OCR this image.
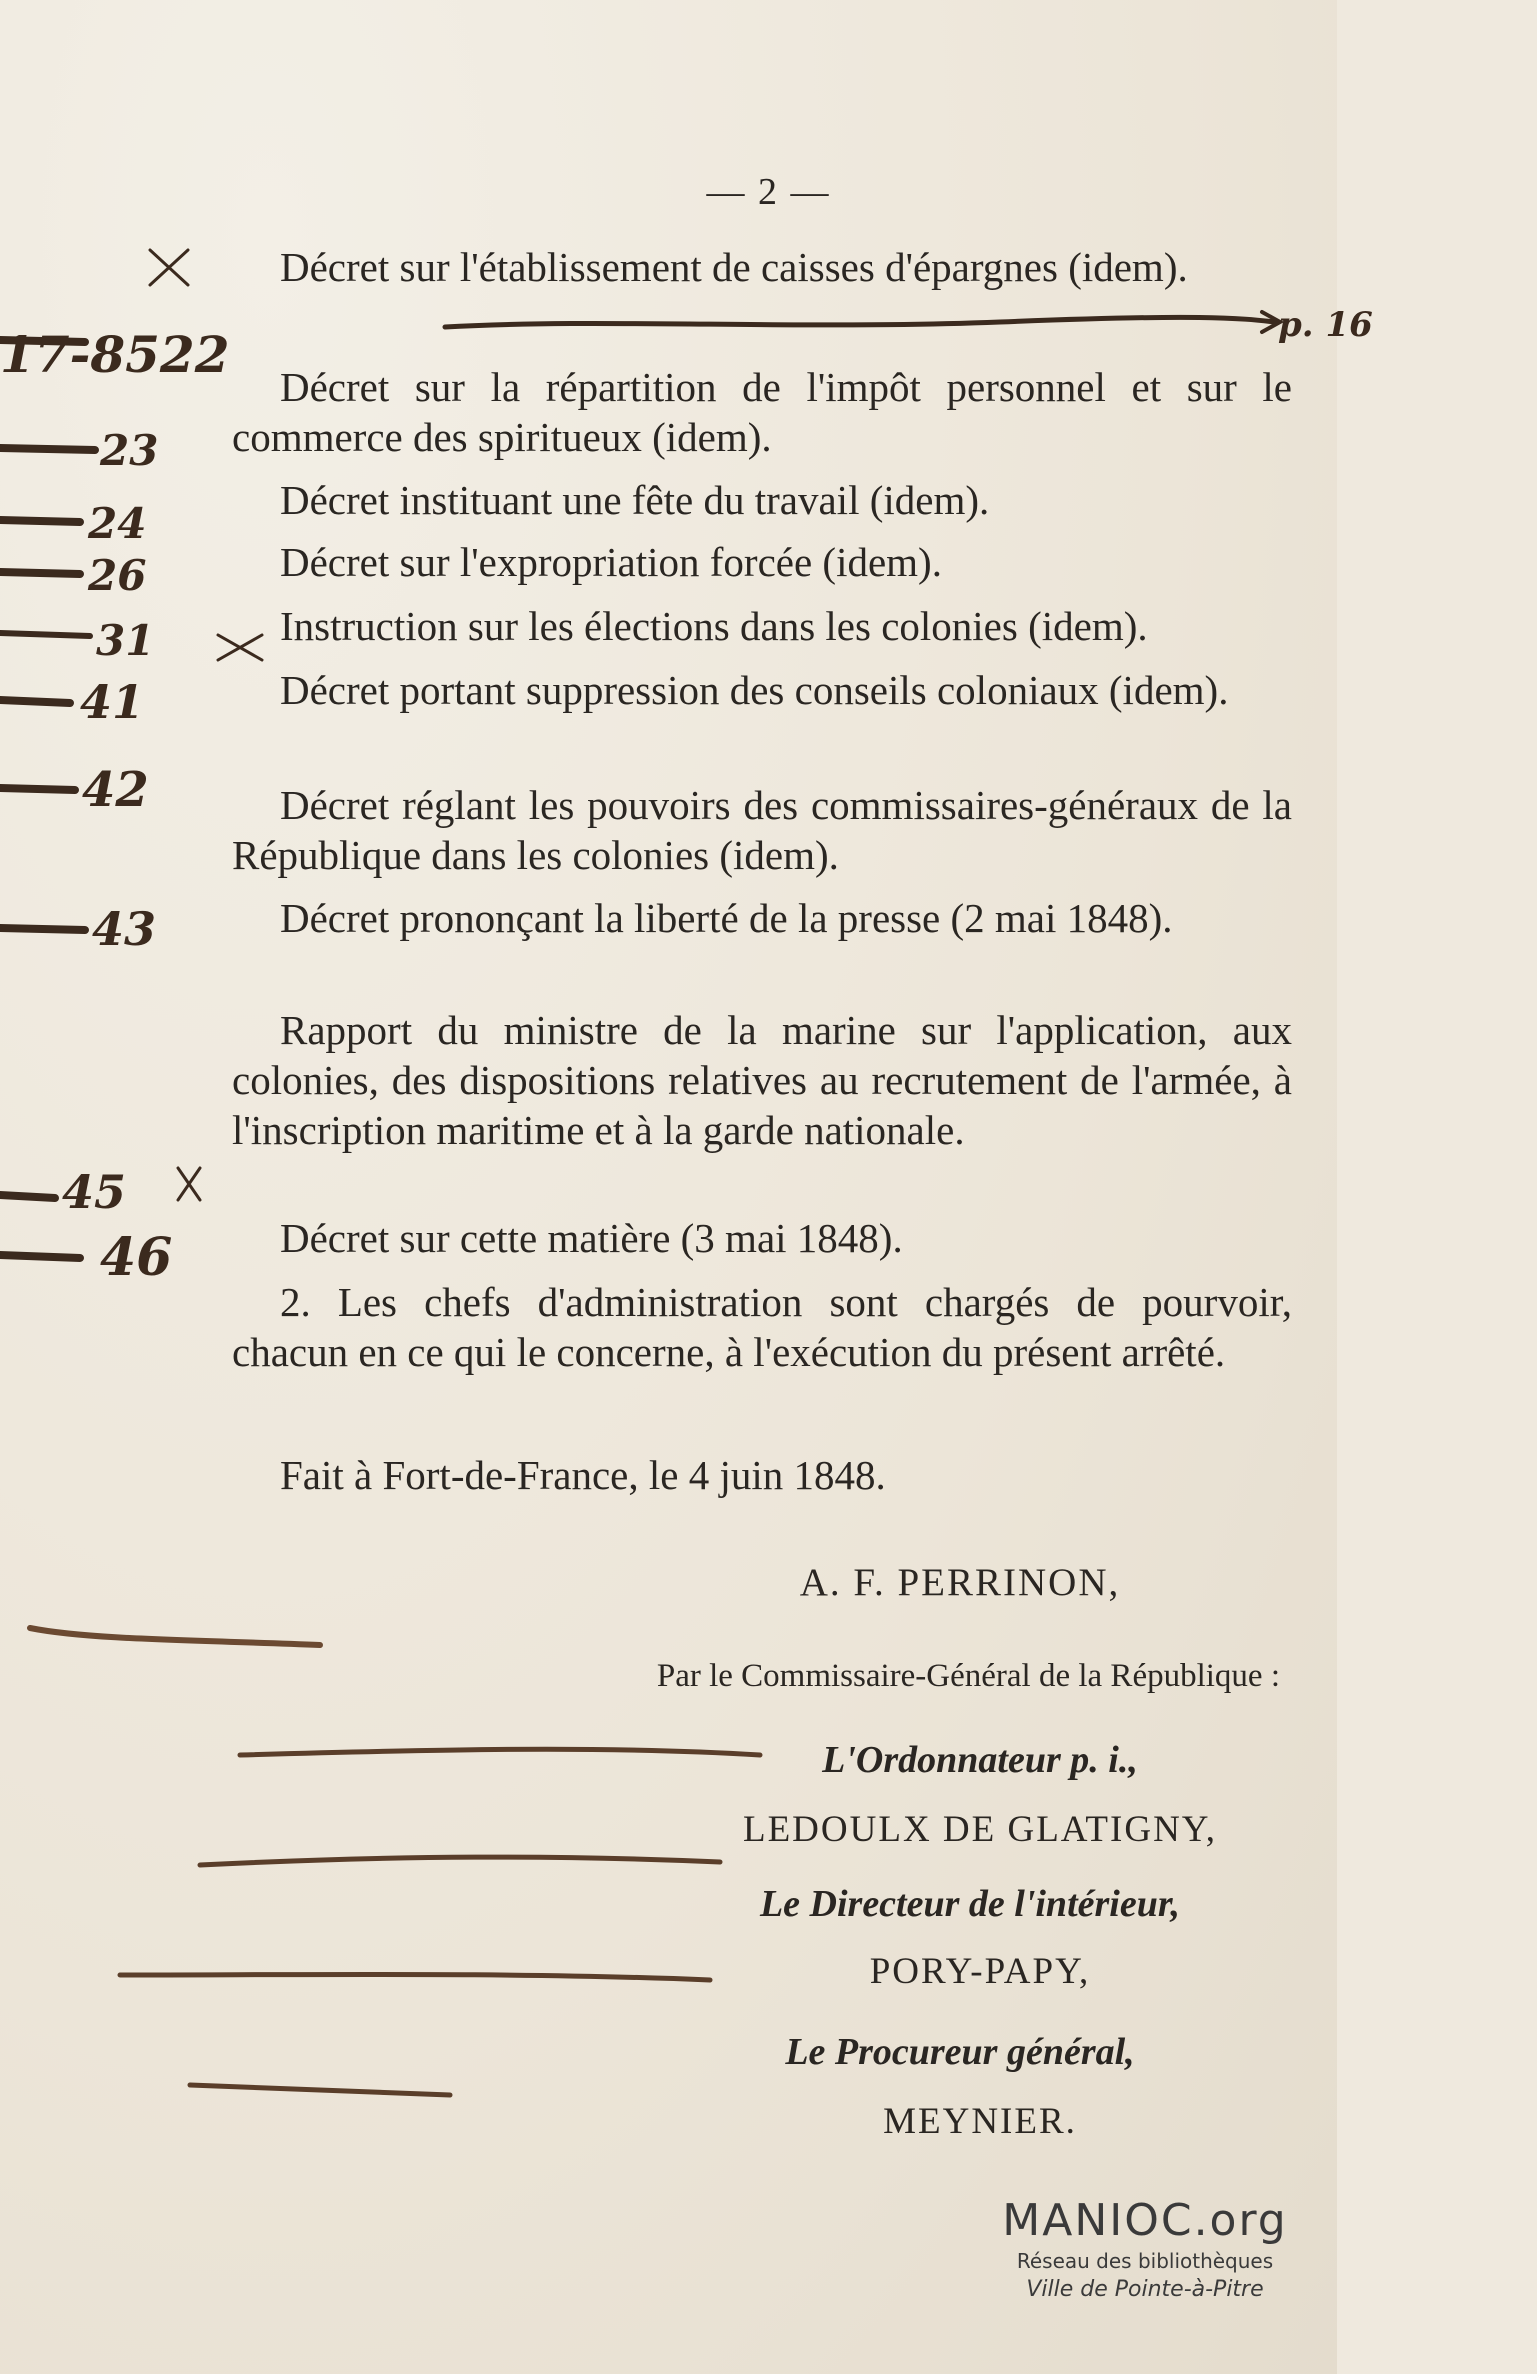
— 2 —
Décret sur l'établissement de caisses d'épargnes (idem).
Décret sur la répartition de l'impôt personnel et sur le commerce des spiritueux (idem).
Décret instituant une fête du travail (idem).
Décret sur l'expropriation forcée (idem).
Instruction sur les élections dans les colonies (idem).
Décret portant suppression des conseils coloniaux (idem).
Décret réglant les pouvoirs des commissaires-généraux de la République dans les colonies (idem).
Décret prononçant la liberté de la presse (2 mai 1848).
Rapport du ministre de la marine sur l'application, aux colonies, des dispositions relatives au recrutement de l'armée, à l'inscription maritime et à la garde nationale.
Décret sur cette matière (3 mai 1848).
2. Les chefs d'administration sont chargés de pourvoir, chacun en ce qui le concerne, à l'exécution du présent arrêté.
Fait à Fort-de-France, le 4 juin 1848.
A. F. PERRINON,
Par le Commissaire-Général de la République :
L'Ordonnateur p. i.,
LEDOULX DE GLATIGNY,
Le Directeur de l'intérieur,
PORY-PAPY,
Le Procureur général,
MEYNIER.
17-8522
23
24
26
31
41
42
43
45
46
p. 16
MANIOC.org
Réseau des bibliothèques
Ville de Pointe-à-Pitre
